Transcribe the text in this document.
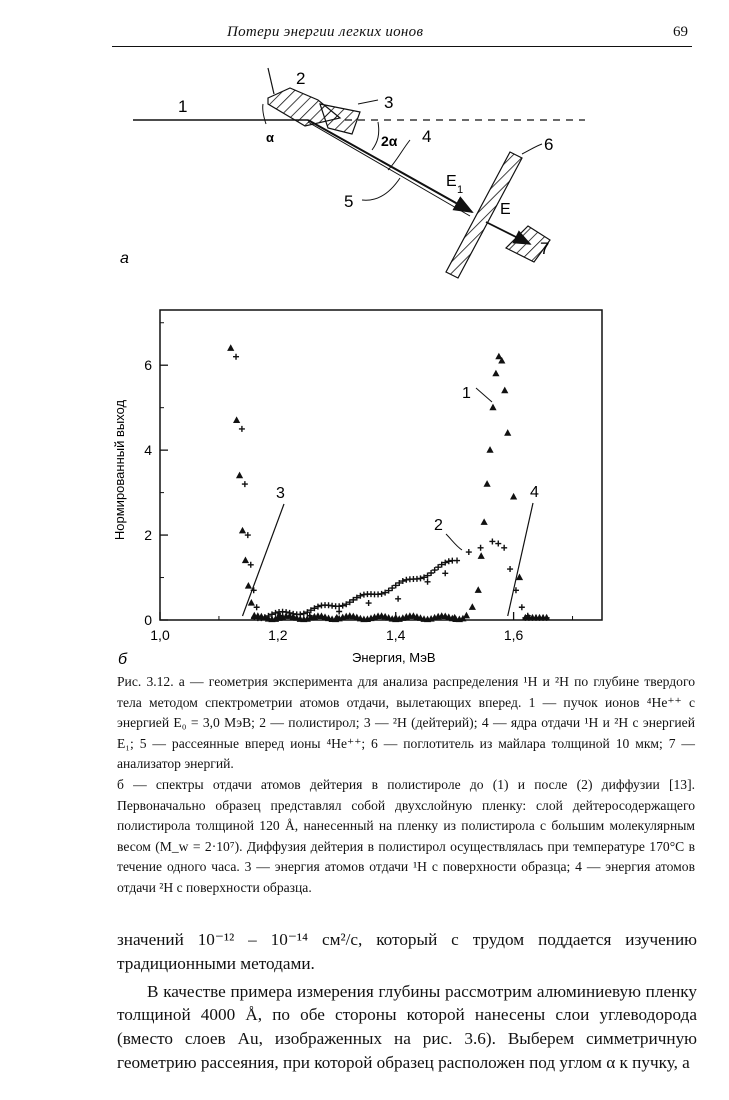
Потери энергии легких ионов	69
1
2
3
4
5
6
7
α	2α
E 1
E
а
1,0	1,2	1,4	1,6
0
2
4
6
1
2
3	4
Энергия, МэВ
Нормированный выход
б

Рис. 3.12. а — геометрия эксперимента для анализа распределения ¹H и ²H по глубине твердого тела методом спектрометрии атомов отдачи, вылетающих вперед. 1 — пучок ионов ⁴He⁺⁺ с энергией E₀ = 3,0 МэВ; 2 — полистирол; 3 — ²H (дейтерий); 4 — ядра отдачи ¹H и ²H с энергией E₁; 5 — рассеянные вперед ионы ⁴He⁺⁺; 6 — поглотитель из майлара толщиной 10 мкм; 7 — анализатор энергий.

б — спектры отдачи атомов дейтерия в полистироле до (1) и после (2) диффузии [13]. Первоначально образец представлял собой двухслойную пленку: слой дейтеросодержащего полистирола толщиной 120 Å, нанесенный на пленку из полистирола с большим молекулярным весом (M_w = 2·10⁷). Диффузия дейтерия в полистирол осуществлялась при температуре 170°C в течение одного часа. 3 — энергия атомов отдачи ¹H с поверхности образца; 4 — энергия атомов отдачи ²H с поверхности образца.

значений 10⁻¹² – 10⁻¹⁴ см²/с, который с трудом поддается изучению традиционными методами.

В качестве примера измерения глубины рассмотрим алюминиевую пленку толщиной 4000 Å, по обе стороны которой нанесены слои углеводорода (вместо слоев Au, изображенных на рис. 3.6). Выберем симметричную геометрию рассеяния, при которой образец расположен под углом α к пучку, а
